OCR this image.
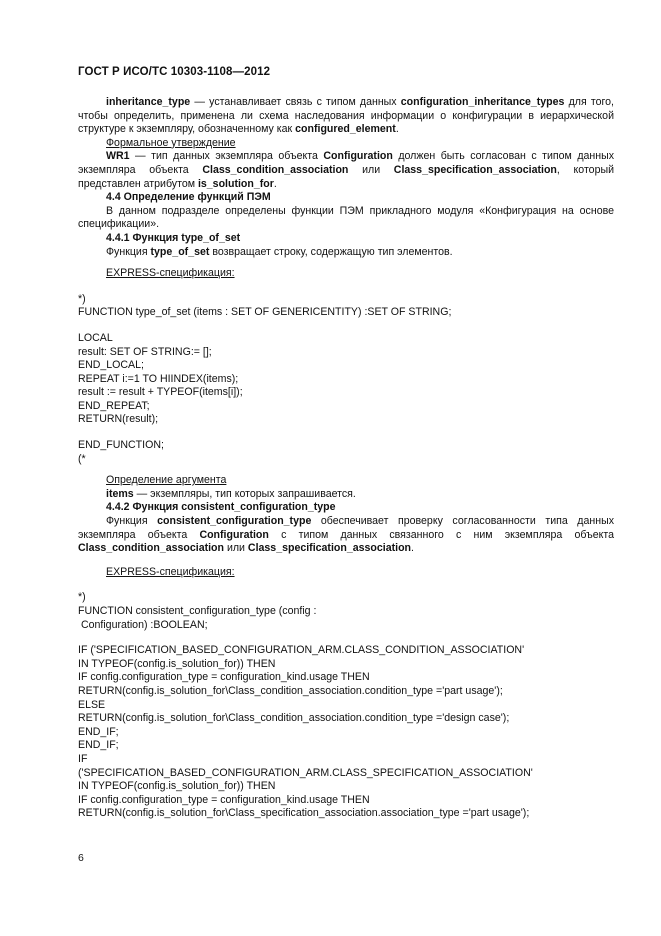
ГОСТ Р ИСО/ТС 10303-1108—2012

inheritance_type — устанавливает связь с типом данных configuration_inheritance_types для того, чтобы определить, применена ли схема наследования информации о конфигурации в иерархической структуре к экземпляру, обозначенному как configured_element.

Формальное утверждение

WR1 — тип данных экземпляра объекта Configuration должен быть согласован с типом данных экземпляра объекта Class_condition_association или Class_specification_association, который представлен атрибутом is_solution_for.

4.4 Определение функций ПЭМ

В данном подразделе определены функции ПЭМ прикладного модуля «Конфигурация на основе спецификации».

4.4.1 Функция type_of_set

Функция type_of_set возвращает строку, содержащую тип элементов.

EXPRESS-спецификация:

*)

FUNCTION type_of_set (items : SET OF GENERICENTITY) :SET OF STRING;

LOCAL

result: SET OF STRING:= [];

END_LOCAL;

REPEAT i:=1 TO HIINDEX(items);

result := result + TYPEOF(items[i]);

END_REPEAT;

RETURN(result);

END_FUNCTION;

(*

Определение аргумента

items — экземпляры, тип которых запрашивается.

4.4.2 Функция consistent_configuration_type

Функция consistent_configuration_type обеспечивает проверку согласованности типа данных экземпляра объекта Configuration с типом данных связанного с ним экземпляра объекта Class_condition_association или Class_specification_association.

EXPRESS-спецификация:

*)

FUNCTION consistent_configuration_type (config :

Configuration) :BOOLEAN;

IF ('SPECIFICATION_BASED_CONFIGURATION_ARM.CLASS_CONDITION_ASSOCIATION'

IN TYPEOF(config.is_solution_for)) THEN

IF config.configuration_type = configuration_kind.usage THEN

RETURN(config.is_solution_for\Class_condition_association.condition_type ='part usage');

ELSE

RETURN(config.is_solution_for\Class_condition_association.condition_type ='design case');

END_IF;

END_IF;

IF

('SPECIFICATION_BASED_CONFIGURATION_ARM.CLASS_SPECIFICATION_ASSOCIATION'

IN TYPEOF(config.is_solution_for)) THEN

IF config.configuration_type = configuration_kind.usage THEN

RETURN(config.is_solution_for\Class_specification_association.association_type ='part usage');

6
